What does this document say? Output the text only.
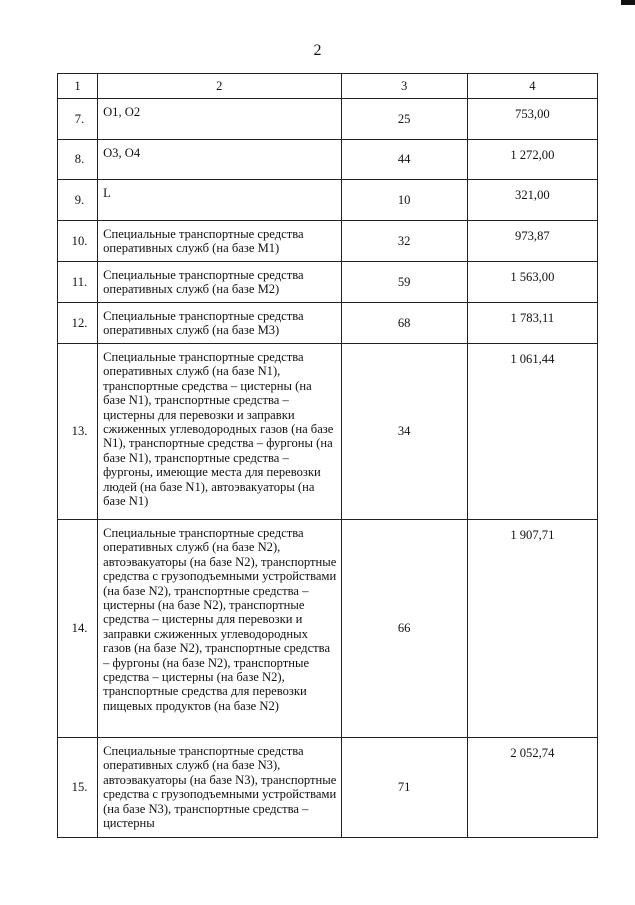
2
1	2	3	4
7.	O1, O2	25	753,00
8.	O3, O4	44	1 272,00
9.	L	10	321,00
10.	Специальные транспортные средства оперативных служб (на базе M1)	32	973,87
11.	Специальные транспортные средства оперативных служб (на базе M2)	59	1 563,00
12.	Специальные транспортные средства оперативных служб (на базе M3)	68	1 783,11
13.	Специальные транспортные средства оперативных служб (на базе N1), транспортные средства – цистерны (на базе N1), транспортные средства – цистерны для перевозки и заправки сжиженных углеводородных газов (на базе N1), транспортные средства – фургоны (на базе N1), транспортные средства – фургоны, имеющие места для перевозки людей (на базе N1), автоэвакуаторы (на базе N1)	34	1 061,44
14.	Специальные транспортные средства оперативных служб (на базе N2), автоэвакуаторы (на базе N2), транспортные средства с грузоподъемными устройствами (на базе N2), транспортные средства – цистерны (на базе N2), транспортные средства – цистерны для перевозки и заправки сжиженных углеводородных газов (на базе N2), транспортные средства – фургоны (на базе N2), транспортные средства – цистерны (на базе N2), транспортные средства для перевозки пищевых продуктов (на базе N2)	66	1 907,71
15.	Специальные транспортные средства оперативных служб (на базе N3), автоэвакуаторы (на базе N3), транспортные средства с грузоподъемными устройствами (на базе N3), транспортные средства – цистерны	71	2 052,74
